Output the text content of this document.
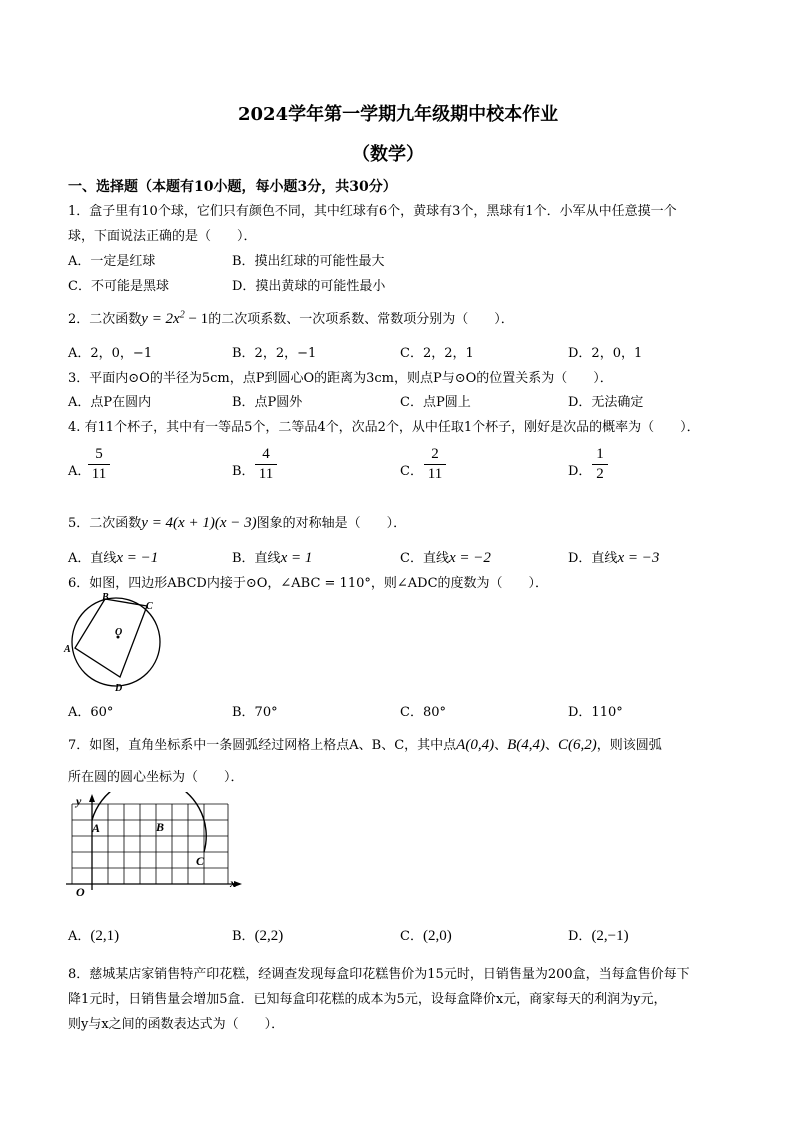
2024学年第一学期九年级期中校本作业
（数学）
一、选择题（本题有10小题，每小题3分，共30分）
1．盒子里有10个球，它们只有颜色不同，其中红球有6个，黄球有3个，黑球有1个．小军从中任意摸一个
球，下面说法正确的是（　　）．
A．一定是红球	B．摸出红球的可能性最大
C．不可能是黑球	D．摸出黄球的可能性最小
2．二次函数$y = 2x^2 - 1$的二次项系数、一次项系数、常数项分别为（　　）．
A．2，0，−1	B．2，2，−1	C．2，2，1	D．2，0，1
3．平面内⊙O的半径为5cm，点P到圆心O的距离为3cm，则点P与⊙O的位置关系为（　　）．
A．点P在圆内	B．点P圆外	C．点P圆上	D．无法确定
4. 有11个杯子，其中有一等品5个，二等品4个，次品2个，从中任取1个杯子，刚好是次品的概率为（　　）．
A．
5
11	B．
4
11	C．
2
11	D．
1
2
5．二次函数y = 4(x + 1)(x − 3)图象的对称轴是（　　）．
A．直线x = −1	B．直线x = 1	C．直线x = −2	D．直线x = −3
6．如图，四边形ABCD内接于⊙O，∠ABC = 110°，则∠ADC的度数为（　　）．
B
C
O
A
D
A．60°	B．70°	C．80°	D．110°
7．如图，直角坐标系中一条圆弧经过网格上格点A、B、C，其中点A(0,4)、B(4,4)、C(6,2)，则该圆弧
所在圆的圆心坐标为（　　）．
y
A	B
C
O
x
A．(2,1)	B．(2,2)	C．(2,0)	D．(2,−1)
8．慈城某店家销售特产印花糕，经调查发现每盒印花糕售价为15元时，日销售量为200盒，当每盒售价每下
降1元时，日销售量会增加5盒．已知每盒印花糕的成本为5元，设每盒降价x元，商家每天的利润为y元，
则y与x之间的函数表达式为（　　）．
